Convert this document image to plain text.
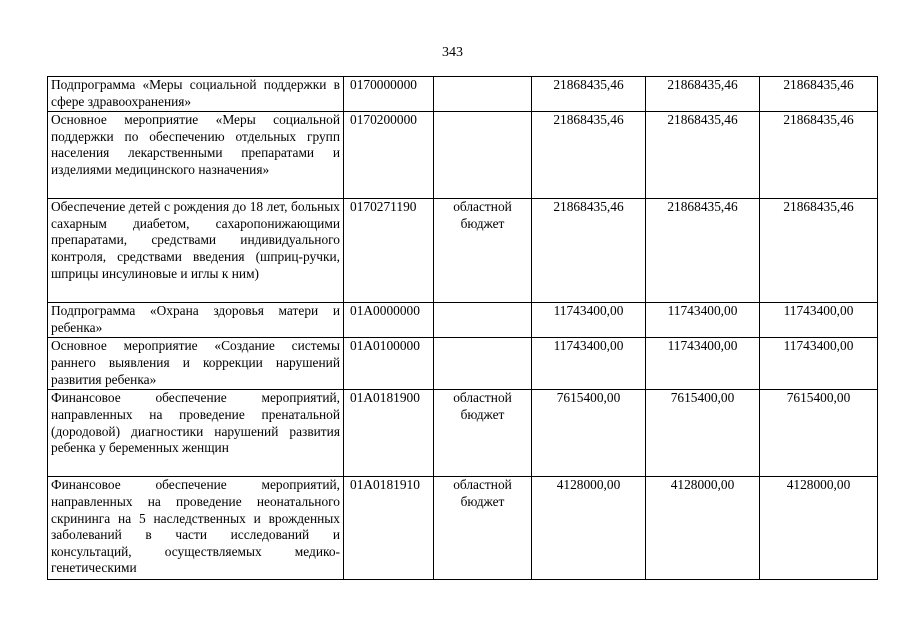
343
Подпрограмма «Меры социальной поддержки в сфере здравоохранения»	0170000000		21868435,46	21868435,46	21868435,46
Основное мероприятие «Меры социальной поддержки по обеспечению отдельных групп населения лекарственными препаратами и изделиями медицинского назначения»	0170200000		21868435,46	21868435,46	21868435,46
Обеспечение детей с рождения до 18 лет, больных сахарным диабетом, сахаропонижающими препаратами, средствами индивидуального контроля, средствами введения (шприц-ручки, шприцы инсулиновые и иглы к ним)	0170271190	областной бюджет	21868435,46	21868435,46	21868435,46
Подпрограмма «Охрана здоровья матери и ребенка»	01А0000000		11743400,00	11743400,00	11743400,00
Основное мероприятие «Создание системы раннего выявления и коррекции нарушений развития ребенка»	01А0100000		11743400,00	11743400,00	11743400,00
Финансовое обеспечение мероприятий, направленных на проведение пренатальной (дородовой) диагностики нарушений развития ребенка у беременных женщин	01А0181900	областной бюджет	7615400,00	7615400,00	7615400,00
Финансовое обеспечение мероприятий, направленных на проведение неонатального скрининга на 5 наследственных и врожденных заболеваний в части исследований и консультаций, осуществляемых медико-генетическими	01А0181910	областной бюджет	4128000,00	4128000,00	4128000,00
